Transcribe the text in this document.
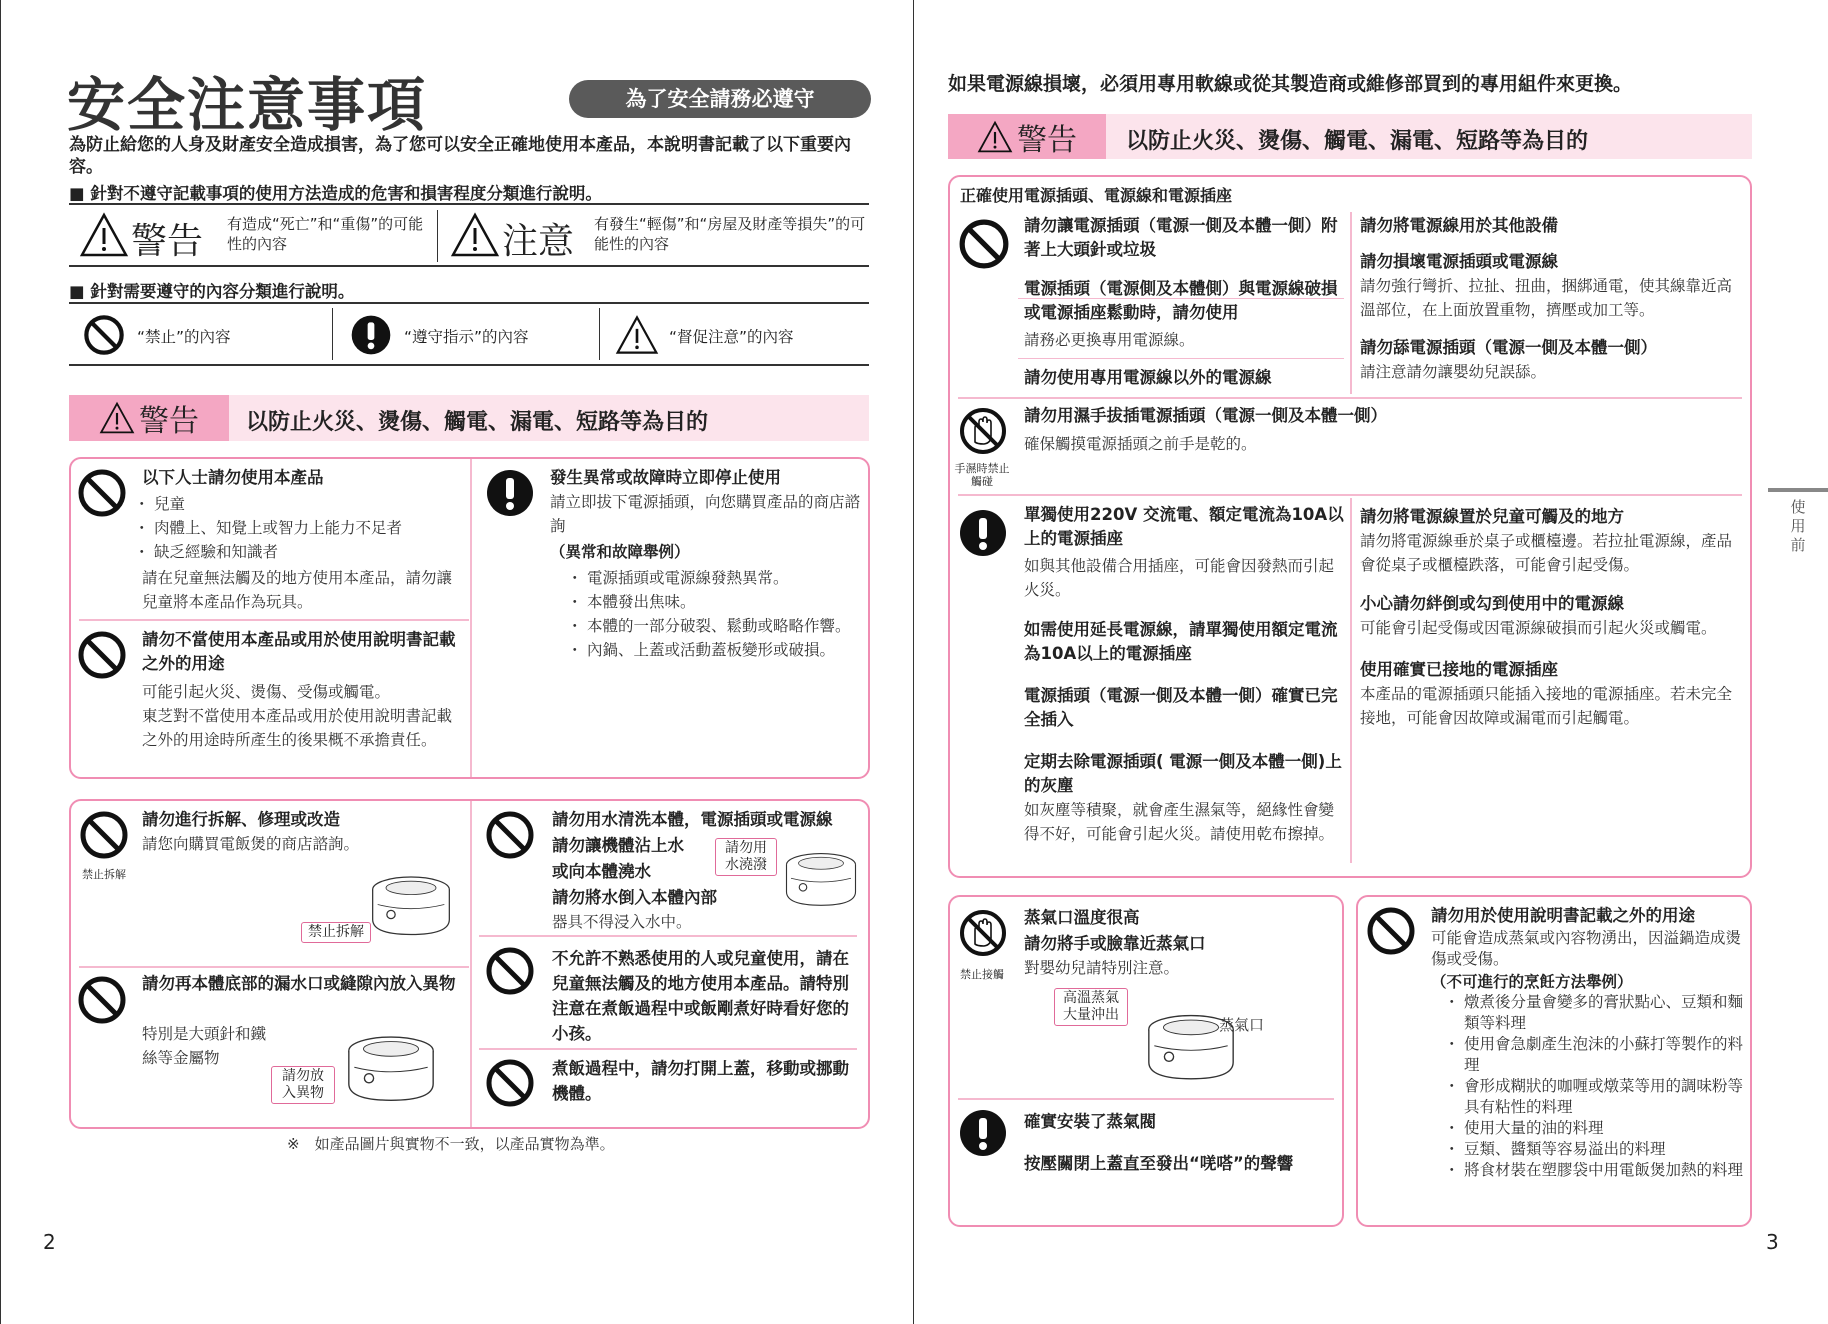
安全注意事項	為了安全請務必遵守
為防止給您的人身及財產安全造成損害，為了您可以安全正確地使用本產品，本說明書記載了以下重要內容。
■ 針對不遵守記載事項的使用方法造成的危害和損害程度分類進行說明。
警告 有造成“死亡”和“重傷”的可能性的內容	注意 有發生“輕傷”和“房屋及財產等損失”的可能性的內容
■ 針對需要遵守的內容分類進行說明。
“禁止”的內容	“遵守指示”的內容	“督促注意”的內容
警告 以防止火災、燙傷、觸電、漏電、短路等為目的
以下人士請勿使用本產品
・ 兒童
・ 肉體上、知覺上或智力上能力不足者
・ 缺乏經驗和知識者
請在兒童無法觸及的地方使用本產品，請勿讓兒童將本產品作為玩具。
請勿不當使用本產品或用於使用說明書記載之外的用途
可能引起火災、燙傷、受傷或觸電。
東芝對不當使用本產品或用於使用說明書記載之外的用途時所產生的後果概不承擔責任。
發生異常或故障時立即停止使用
請立即拔下電源插頭，向您購買產品的商店諮詢
（異常和故障舉例）
・ 電源插頭或電源線發熱異常。
・ 本體發出焦味。
・ 本體的一部分破裂、鬆動或略略作響。
・ 內鍋、上蓋或活動蓋板變形或破損。
禁止拆解
請勿進行拆解、修理或改造
請您向購買電飯煲的商店諮詢。
禁止拆解
請勿再本體底部的漏水口或縫隙內放入異物
特別是大頭針和鐵絲等金屬物
請勿放入異物
請勿用水清洗本體，電源插頭或電源線
請勿讓機體沾上水
或向本體澆水
請勿將水倒入本體內部
器具不得浸入水中。
請勿用水澆潑
不允許不熟悉使用的人或兒童使用，請在兒童無法觸及的地方使用本產品。請特別注意在煮飯過程中或飯剛煮好時看好您的小孩。
煮飯過程中，請勿打開上蓋，移動或挪動機體。
※　如產品圖片與實物不一致，以產品實物為準。
2
如果電源線損壞，必須用專用軟線或從其製造商或維修部買到的專用組件來更換。
警告 以防止火災、燙傷、觸電、漏電、短路等為目的
正確使用電源插頭、電源線和電源插座
請勿讓電源插頭（電源一側及本體一側）附著上大頭針或垃圾
電源插頭（電源側及本體側）與電源線破損或電源插座鬆動時，請勿使用
請務必更換專用電源線。
請勿使用專用電源線以外的電源線
請勿將電源線用於其他設備
請勿損壞電源插頭或電源線
請勿強行彎折、拉扯、扭曲，捆綁通電，使其線靠近高溫部位，在上面放置重物，擠壓或加工等。
請勿舔電源插頭（電源一側及本體一側）
請注意請勿讓嬰幼兒誤舔。
手濕時禁止觸碰
請勿用濕手拔插電源插頭（電源一側及本體一側）
確保觸摸電源插頭之前手是乾的。
單獨使用220V 交流電、額定電流為10A以上的電源插座
如與其他設備合用插座，可能會因發熱而引起火災。
如需使用延長電源線，請單獨使用額定電流為10A以上的電源插座
電源插頭（電源一側及本體一側）確實已完全插入
定期去除電源插頭( 電源一側及本體一側)上的灰塵
如灰塵等積聚，就會產生濕氣等，絕緣性會變得不好，可能會引起火災。請使用乾布擦掉。
請勿將電源線置於兒童可觸及的地方
請勿將電源線垂於桌子或櫃檯邊。若拉扯電源線，產品會從桌子或櫃檯跌落，可能會引起受傷。
小心請勿絆倒或勾到使用中的電源線
可能會引起受傷或因電源線破損而引起火災或觸電。
使用確實已接地的電源插座
本產品的電源插頭只能插入接地的電源插座。若未完全接地，可能會因故障或漏電而引起觸電。
禁止接觸
蒸氣口溫度很高
請勿將手或臉靠近蒸氣口
對嬰幼兒請特別注意。
高溫蒸氣大量沖出
蒸氣口
確實安裝了蒸氣閥
按壓關閉上蓋直至發出“唴嗒”的聲響
請勿用於使用說明書記載之外的用途
可能會造成蒸氣或內容物湧出，因溢鍋造成燙傷或受傷。
（不可進行的烹飪方法舉例）
・ 燉煮後分量會變多的膏狀點心、豆類和麵類等料理
・ 使用會急劇產生泡沫的小蘇打等製作的料理
・ 會形成糊狀的咖喱或燉菜等用的調味粉等具有粘性的料理
・ 使用大量的油的料理
・ 豆類、醬類等容易溢出的料理
・ 將食材裝在塑膠袋中用電飯煲加熱的料理
使用前
3
